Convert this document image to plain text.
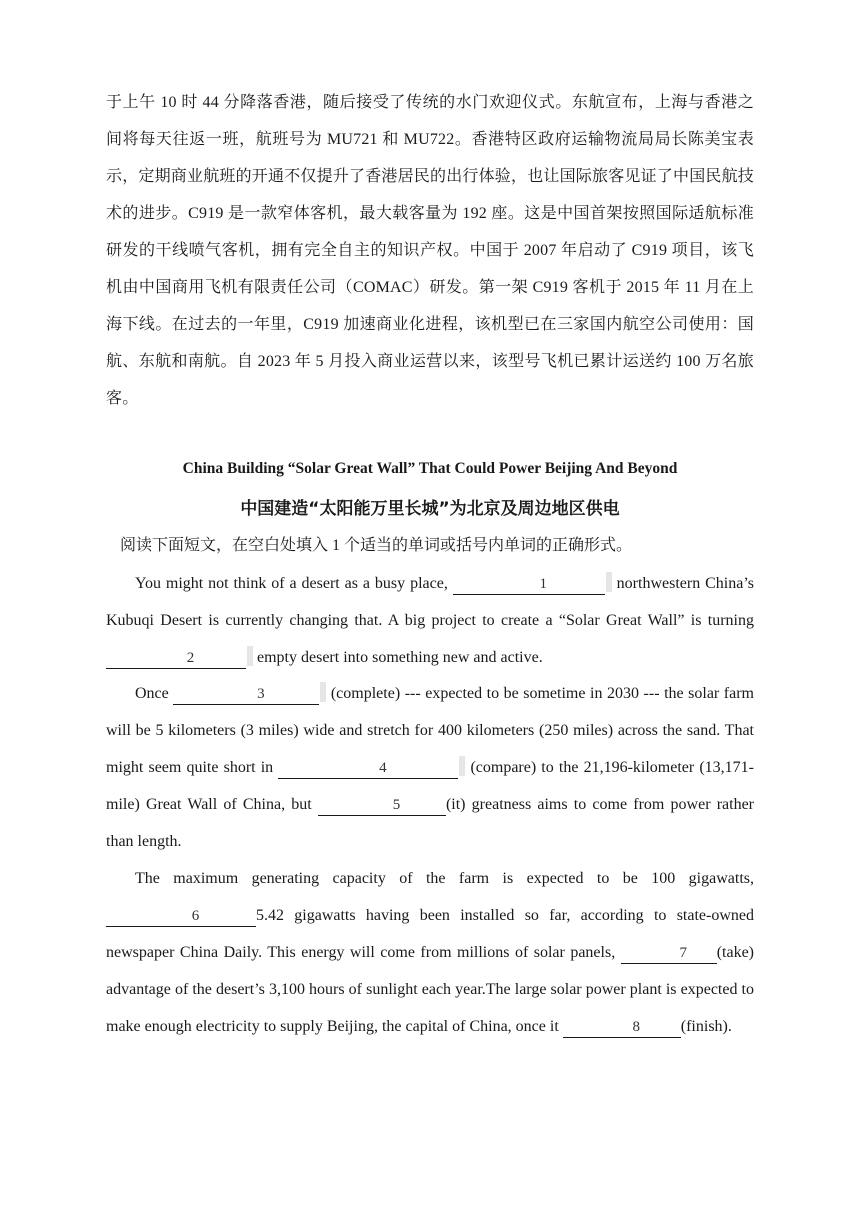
于上午 10 时 44 分降落香港，随后接受了传统的水门欢迎仪式。东航宣布，上海与香港之间将每天往返一班，航班号为 MU721 和 MU722。香港特区政府运输物流局局长陈美宝表示，定期商业航班的开通不仅提升了香港居民的出行体验，也让国际旅客见证了中国民航技术的进步。C919 是一款窄体客机，最大载客量为 192 座。这是中国首架按照国际适航标准研发的干线喷气客机，拥有完全自主的知识产权。中国于 2007 年启动了 C919 项目，该飞机由中国商用飞机有限责任公司（COMAC）研发。第一架 C919 客机于 2015 年 11 月在上海下线。在过去的一年里，C919 加速商业化进程，该机型已在三家国内航空公司使用：国航、东航和南航。自 2023 年 5 月投入商业运营以来，该型号飞机已累计运送约 100 万名旅客。

China Building “Solar Great Wall” That Could Power Beijing And Beyond
中国建造“太阳能万里长城”为北京及周边地区供电
阅读下面短文，在空白处填入 1 个适当的单词或括号内单词的正确形式。

You might not think of a desert as a busy place,	1	northwestern China’s Kubuqi Desert is currently changing that. A big project to create a “Solar Great Wall” is turning 2	empty desert into something new and active.

Once	3	(complete) --- expected to be sometime in 2030 --- the solar farm will be 5 kilometers (3 miles) wide and stretch for 400 kilometers (250 miles) across the sand. That might seem quite short in	4	(compare) to the 21,196-kilometer (13,171-mile) Great Wall of China, but	5	(it) greatness aims to come from power rather than length.

The maximum generating capacity of the farm is expected to be 100 gigawatts, 6	5.42 gigawatts having been installed so far, according to state-owned newspaper China Daily. This energy will come from millions of solar panels,	7 (take) advantage of the desert’s 3,100 hours of sunlight each year.The large solar power plant is expected to make enough electricity to supply Beijing, the capital of China, once it	8	(finish).
